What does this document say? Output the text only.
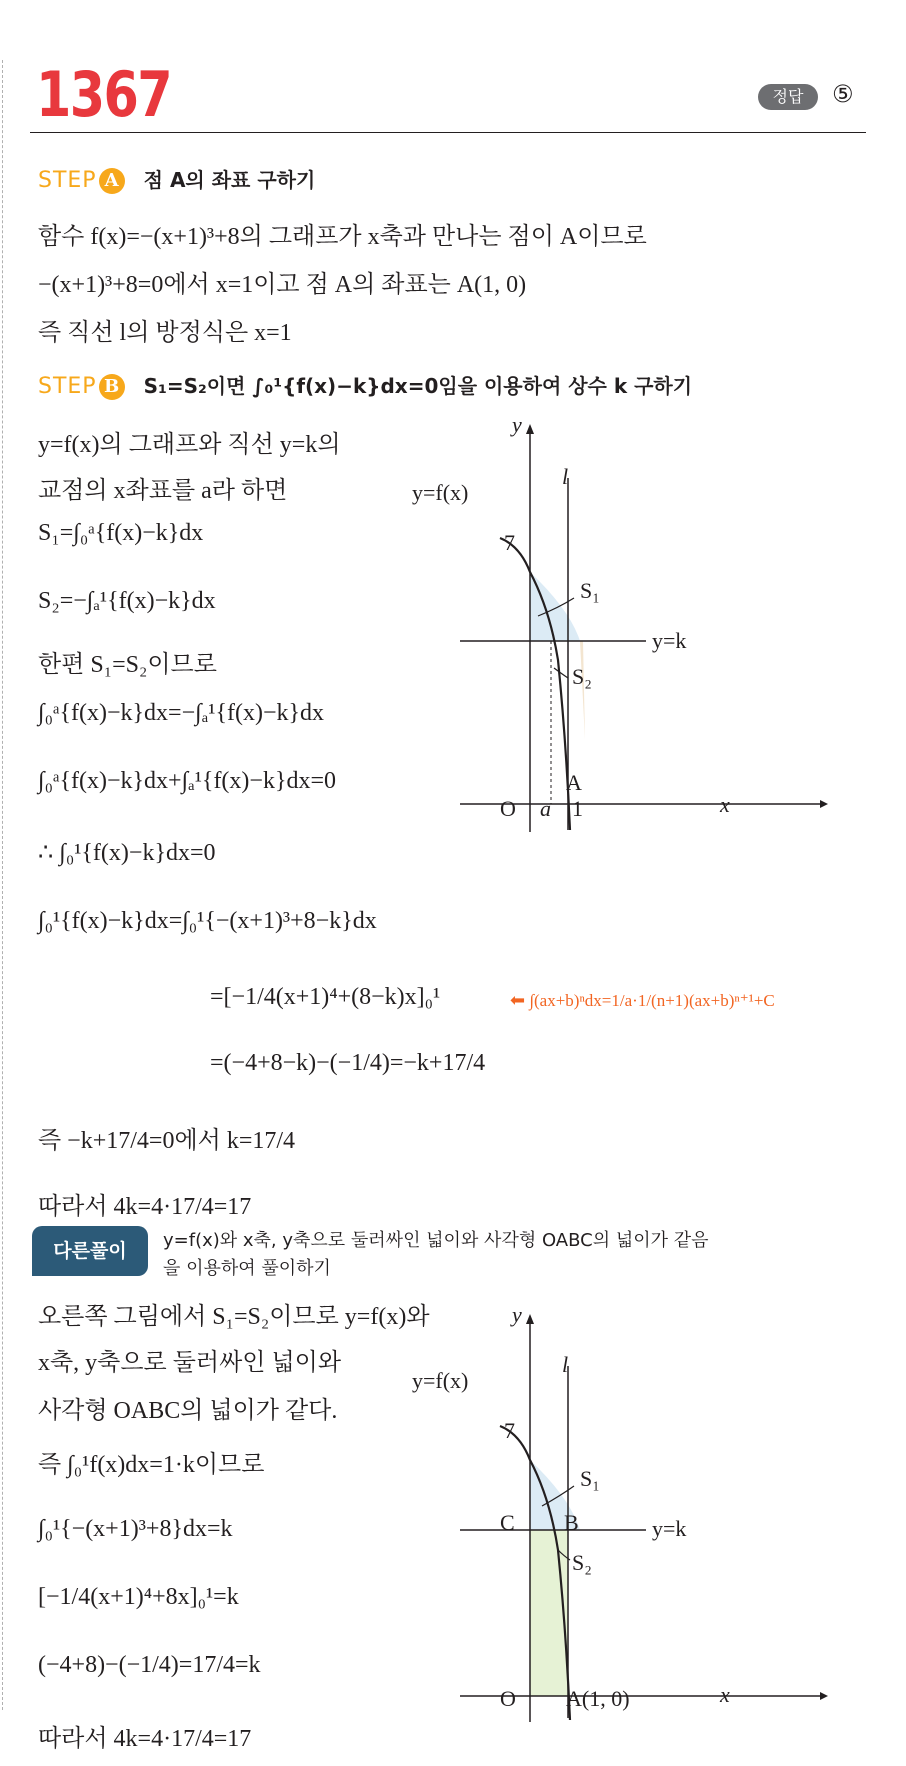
1367	정답	⑤
STEP A 점 A의 좌표 구하기
함수 f(x)=−(x+1)³+8의 그래프가 x축과 만나는 점이 A이므로
−(x+1)³+8=0에서 x=1이고 점 A의 좌표는 A(1, 0)
즉 직선 l의 방정식은 x=1
STEP B S₁=S₂이면 ∫₀¹{f(x)−k}dx=0임을 이용하여 상수 k 구하기
y=f(x)의 그래프와 직선 y=k의
교점의 x좌표를 a라 하면
S₁=∫₀ᵃ{f(x)−k}dx
S₂=−∫ₐ¹{f(x)−k}dx
한편 S₁=S₂이므로
∫₀ᵃ{f(x)−k}dx=−∫ₐ¹{f(x)−k}dx
∫₀ᵃ{f(x)−k}dx+∫ₐ¹{f(x)−k}dx=0
∴ ∫₀¹{f(x)−k}dx=0
∫₀¹{f(x)−k}dx=∫₀¹{−(x+1)³+8−k}dx
=[−1/4(x+1)⁴+(8−k)x]₀¹	⬅ ∫(ax+b)ⁿdx=1/a·1/(n+1)(ax+b)ⁿ⁺¹+C
=(−4+8−k)−(−1/4)=−k+17/4
즉 −k+17/4=0에서 k=17/4
따라서 4k=4·17/4=17
y
l
y=f(x)
7
S₁
y=k
S₂
A
O a 1	x
다른풀이	y=f(x)와 x축, y축으로 둘러싸인 넓이와 사각형 OABC의 넓이가 같음
을 이용하여 풀이하기
오른쪽 그림에서 S₁=S₂이므로 y=f(x)와
x축, y축으로 둘러싸인 넓이와
사각형 OABC의 넓이가 같다.
즉 ∫₀¹f(x)dx=1·k이므로
∫₀¹{−(x+1)³+8}dx=k
[−1/4(x+1)⁴+8x]₀¹=k
(−4+8)−(−1/4)=17/4=k
따라서 4k=4·17/4=17
y
l
y=f(x)
7
S₁
C B	y=k
S₂
O A(1, 0)	x
